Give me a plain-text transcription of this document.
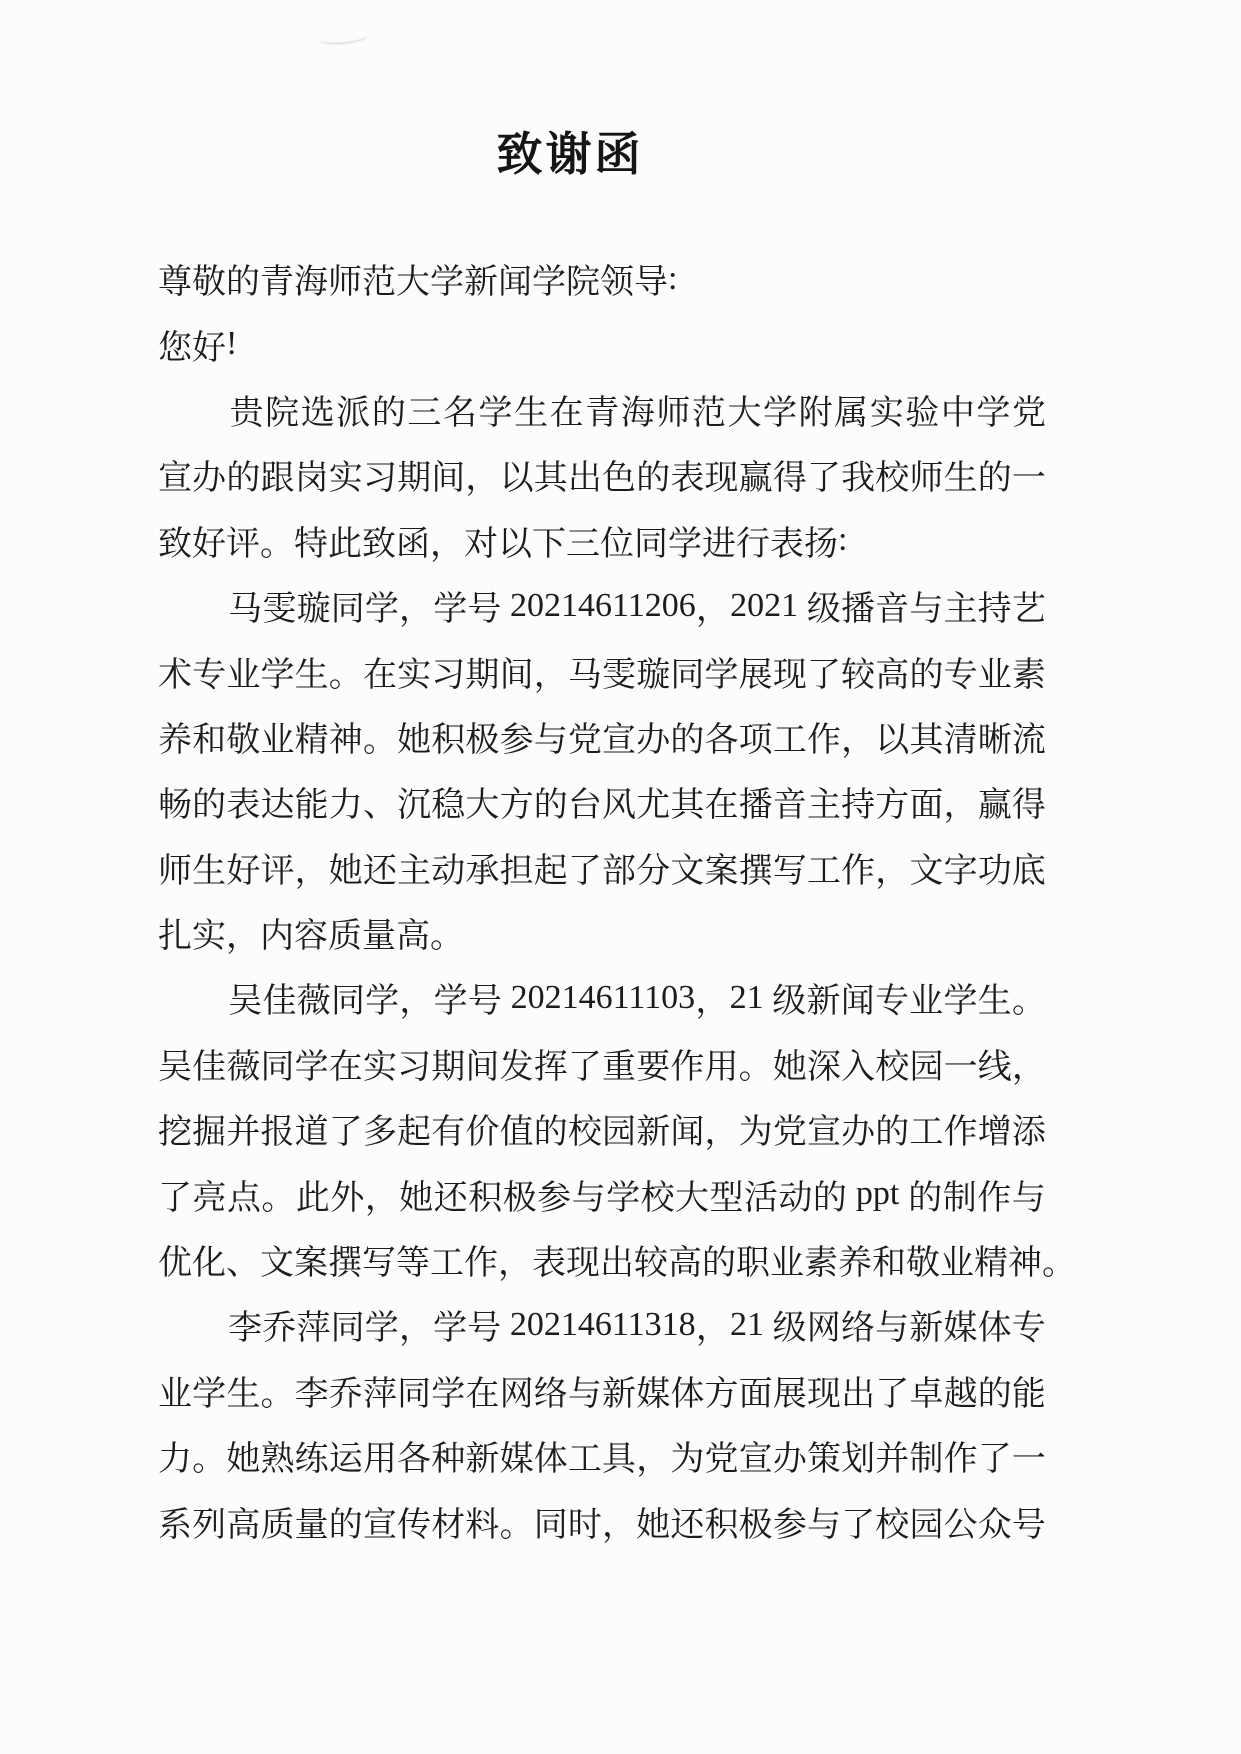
致谢函
尊 敬 的 青 海 师 范 大 学 新 闻 学 院 领 导 :
您 好 !
贵 院 选 派 的 三 名 学 生 在 青 海 师 范 大 学 附 属 实 验 中 学 党
宣 办 的 跟 岗 实 习 期 间 ， 以 其 出 色 的 表 现 赢 得 了 我 校 师 生 的 一
致 好 评 。 特 此 致 函 ， 对 以 下 三 位 同 学 进 行 表 扬 :
马 雯 璇 同 学 ， 学 号 20214611206 ， 2021 级 播 音 与 主 持 艺
术 专 业 学 生 。 在 实 习 期 间 ， 马 雯 璇 同 学 展 现 了 较 高 的 专 业 素
养 和 敬 业 精 神 。 她 积 极 参 与 党 宣 办 的 各 项 工 作 ， 以 其 清 晰 流
畅 的 表 达 能 力 、 沉 稳 大 方 的 台 风 尤 其 在 播 音 主 持 方 面 ， 赢 得
师 生 好 评 ， 她 还 主 动 承 担 起 了 部 分 文 案 撰 写 工 作 ， 文 字 功 底
扎 实 ， 内 容 质 量 高 。
吴 佳 薇 同 学 ， 学 号 20214611103 ， 21 级 新 闻 专 业 学 生 。
吴 佳 薇 同 学 在 实 习 期 间 发 挥 了 重 要 作 用 。 她 深 入 校 园 一 线 ，
挖 掘 并 报 道 了 多 起 有 价 值 的 校 园 新 闻 ， 为 党 宣 办 的 工 作 增 添
了 亮 点 。 此 外 ， 她 还 积 极 参 与 学 校 大 型 活 动 的 ppt 的 制 作 与
优 化 、 文 案 撰 写 等 工 作 ， 表 现 出 较 高 的 职 业 素 养 和 敬 业 精 神 。
李 乔 萍 同 学 ， 学 号 20214611318 ， 21 级 网 络 与 新 媒 体 专
业 学 生 。 李 乔 萍 同 学 在 网 络 与 新 媒 体 方 面 展 现 出 了 卓 越 的 能
力 。 她 熟 练 运 用 各 种 新 媒 体 工 具 ， 为 党 宣 办 策 划 并 制 作 了 一
系 列 高 质 量 的 宣 传 材 料 。 同 时 ， 她 还 积 极 参 与 了 校 园 公 众 号
